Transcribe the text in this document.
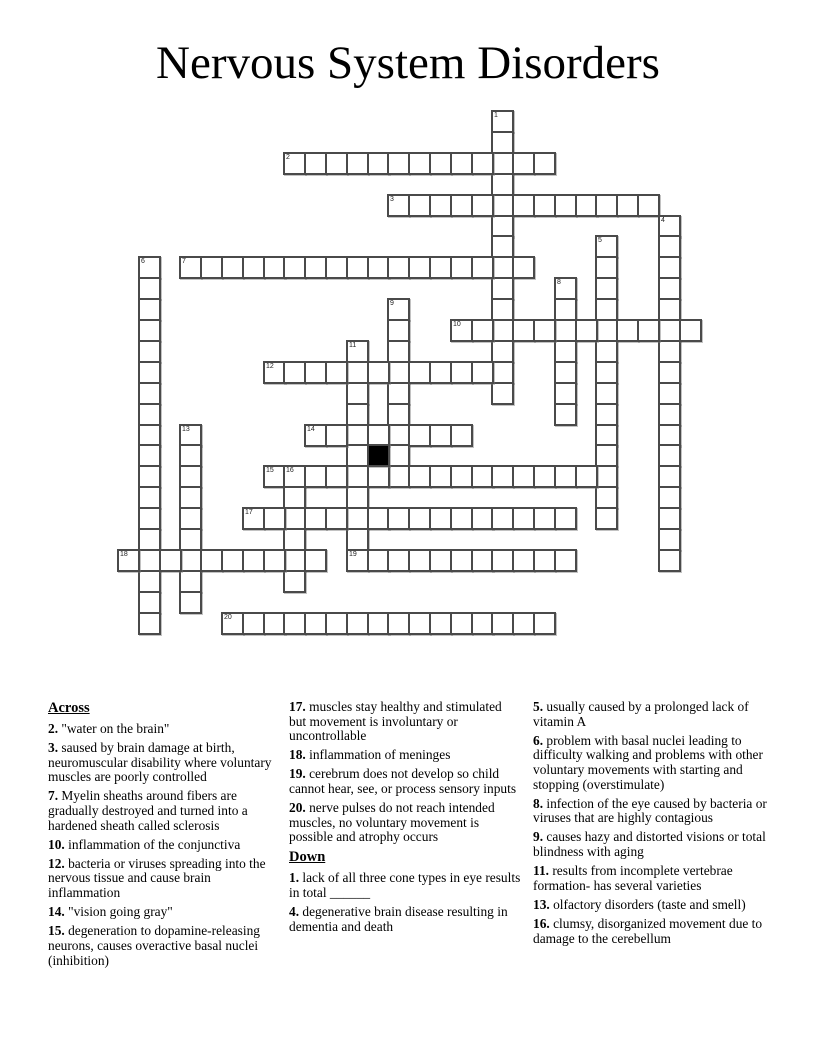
Nervous System Disorders
1
2
3
4
5
6	7
8
9
10
11
19
12
13	14
15 16
17
18
20

Across

2. "water on the brain"

3. saused by brain damage at birth, neuromuscular disability where voluntary muscles are poorly controlled

7. Myelin sheaths around fibers are gradually destroyed and turned into a hardened sheath called sclerosis

10. inflammation of the conjunctiva

12. bacteria or viruses spreading into the nervous tissue and cause brain inflammation

14. "vision going gray"

15. degeneration to dopamine-releasing neurons, causes overactive basal nuclei (inhibition)

17. muscles stay healthy and stimulated but movement is involuntary or uncontrollable

18. inflammation of meninges

19. cerebrum does not develop so child cannot hear, see, or process sensory inputs

20. nerve pulses do not reach intended muscles, no voluntary movement is possible and atrophy occurs

Down

1. lack of all three cone types in eye results in total ______

4. degenerative brain disease resulting in dementia and death

5. usually caused by a prolonged lack of vitamin A

6. problem with basal nuclei leading to difficulty walking and problems with other voluntary movements with starting and stopping (overstimulate)

8. infection of the eye caused by bacteria or viruses that are highly contagious

9. causes hazy and distorted visions or total blindness with aging

11. results from incomplete vertebrae formation- has several varieties

13. olfactory disorders (taste and smell)

16. clumsy, disorganized movement due to damage to the cerebellum
